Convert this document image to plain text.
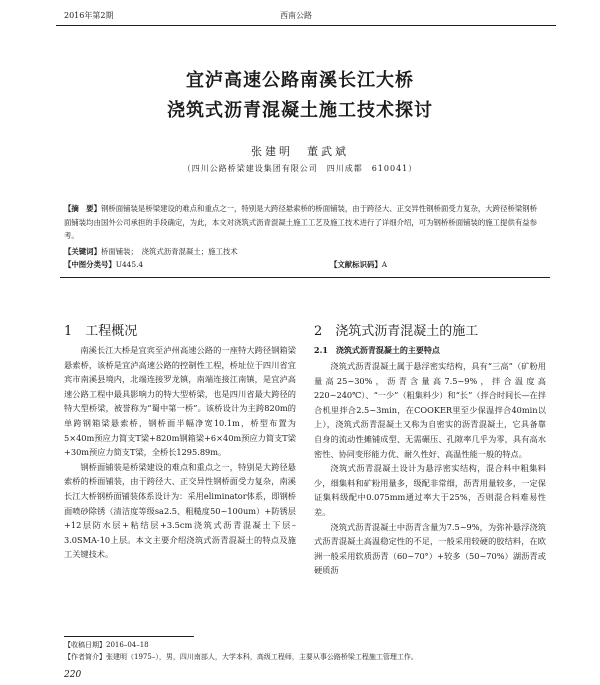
2016年第2期	西南公路
宜泸高速公路南溪长江大桥
浇筑式沥青混凝土施工技术探讨
张建明　董武斌
（四川公路桥梁建设集团有限公司　四川成都　610041）
【摘　要】钢桥面铺装是桥梁建设的难点和重点之一，特别是大跨径悬索桥的桥面铺装，由于跨径大、正交异性钢桥面受力复杂，大跨径桥梁钢桥面铺装均由国外公司承担的手段确定，为此，本文对浇筑式沥青混凝土施工工艺及施工技术进行了详细介绍，可为钢桥桥面铺装的施工提供有益参考。
【关键词】桥面铺装；　浇筑式沥青混凝土；施工技术
【中图分类号】U445.4	【文献标识码】A
1　工程概况

南溪长江大桥是宜宾至泸州高速公路的一座特大跨径钢箱梁悬索桥，该桥是宜泸高速公路的控制性工程，桥址位于四川省宜宾市南溪县境内，北端连接罗龙镇，南端连接江南镇，是宜泸高速公路工程中最具影响力的特大型桥梁，也是四川省最大跨径的特大型桥梁，被誉称为“蜀中第一桥”。该桥设计为主跨820m的单跨钢箱梁悬索桥，钢桥面半幅净宽10.1m，桥型布置为5×40m预应力简支T梁+820m钢箱梁+6×40m预应力简支T梁+30m预应力简支T梁，全桥长1295.89m。

钢桥面铺装是桥梁建设的难点和重点之一，特别是大跨径悬索桥的桥面铺装，由于跨径大、正交异性钢桥面受力复杂，南溪长江大桥钢桥面铺装体系设计为：采用eliminator体系，即钢桥面喷砂除锈（清洁度等级sa2.5、粗糙度50~100um）+防锈层+12层防水层+粘结层+3.5cm浇筑式沥青混凝土下层–3.0SMA-10上层。本文主要介绍浇筑式沥青混凝土的特点及施工关键技术。

2　浇筑式沥青混凝土的施工
2.1　浇筑式沥青混凝土的主要特点

浇筑式沥青混凝土属于悬浮密实结构，具有“三高”（矿粉用量高25~30%，沥青含量高7.5~9%，拌合温度高220~240℃）、“一少”（粗集料少）和“长”（拌合时间长—在拌合机里拌合2.5~3min，在COOKER里至少保温拌合40min以上），浇筑式沥青混凝土又称为自密实的沥青混凝土，它具备靠自身的流动性摊铺成型、无需碾压、孔隙率几乎为零，具有高水密性、协同变形能力优、耐久性好、高温性能一般的特点。

浇筑式沥青混凝土设计为悬浮密实结构，混合料中粗集料少，细集料和矿粉用量多，级配非常细，沥青用量较多，一定保证集料级配中0.075mm通过率大于25%，否则混合料难易性差。

浇筑式沥青混凝土中沥青含量为7.5~9%，为弥补悬浮浇筑式沥青混凝土高温稳定性的不足，一般采用较硬的胶结料，在欧洲一般采用软质沥青（60~70°）+较多（50~70%）湖沥青或硬质沥

【收稿日期】2016–04–18
【作者简介】张建明（1975–），男，四川南部人，大学本科，高级工程师，主要从事公路桥梁工程施工管理工作。
220
